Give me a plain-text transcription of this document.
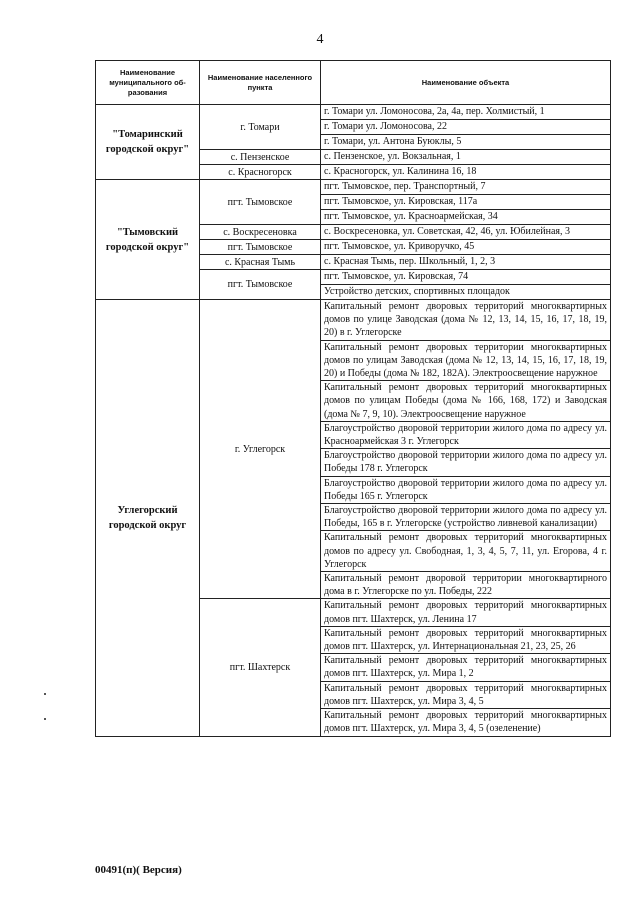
4
Наименование муниципального об- разования	Наименование населенного пункта	Наименование объекта
"Томаринский городской округ"	г. Томари	г. Томари ул. Ломоносова, 2а, 4а, пер. Холмистый, 1
		г. Томари ул. Ломоносова, 22
		г. Томари, ул. Антона Буюклы, 5
	с. Пензенское	с. Пензенское, ул. Вокзальная, 1
	с. Красногорск	с. Красногорск, ул. Калинина 16, 18
"Тымовский городской округ"	пгт. Тымовское	пгт. Тымовское, пер. Транспортный, 7
		пгт. Тымовское, ул. Кировская, 117а
		пгт. Тымовское, ул. Красноармейская, 34
	с. Воскресеновка	с. Воскресеновка, ул. Советская, 42, 46, ул. Юбилейная, 3
	пгт. Тымовское	пгт. Тымовское, ул. Криворучко, 45
	с. Красная Тымь	с. Красная Тымь, пер. Школьный, 1, 2, 3
	пгт. Тымовское	пгт. Тымовское, ул. Кировская, 74
		Устройство детских, спортивных площадок
Углегорский городской округ	г. Углегорск	Капитальный ремонт дворовых территорий многоквартирных домов по улице Заводская (дома № 12, 13, 14, 15, 16, 17, 18, 19, 20) в г. Углегорске
		Капитальный ремонт дворовых территории многоквартирных домов по улицам Заводская (дома № 12, 13, 14, 15, 16, 17, 18, 19, 20) и Победы (дома № 182, 182А). Электроосвещение наружное
		Капитальный ремонт дворовых территорий многоквартирных домов по улицам Победы (дома № 166, 168, 172) и Заводская (дома № 7, 9, 10). Электроосвещение наружное
		Благоустройство дворовой территории жилого дома по адресу ул. Красноармейская 3 г. Углегорск
		Благоустройство дворовой территории жилого дома по адресу ул. Победы 178 г. Углегорск
		Благоустройство дворовой территории жилого дома по адресу ул. Победы 165 г. Углегорск
		Благоустройство дворовой территории жилого дома по адресу ул. Победы, 165 в г. Углегорске (устройство ливневой канализации)
		Капитальный ремонт дворовых территорий многоквартирных домов по адресу ул. Свободная, 1, 3, 4, 5, 7, 11, ул. Егорова, 4 г. Углегорск
		Капитальный ремонт дворовой территории многоквартирного дома в г. Углегорске по ул. Победы, 222
	пгт. Шахтерск	Капитальный ремонт дворовых территорий многоквартирных домов пгт. Шахтерск, ул. Ленина 17
		Капитальный ремонт дворовых территорий многоквартирных домов пгт. Шахтерск, ул. Интернациональная 21, 23, 25, 26
		Капитальный ремонт дворовых территорий многоквартирных домов пгт. Шахтерск, ул. Мира 1, 2
		Капитальный ремонт дворовых территорий многоквартирных домов пгт. Шахтерск, ул. Мира 3, 4, 5
		Капитальный ремонт дворовых территорий многоквартирных домов пгт. Шахтерск, ул. Мира 3, 4, 5 (озеленение)
00491(п)( Версия)
